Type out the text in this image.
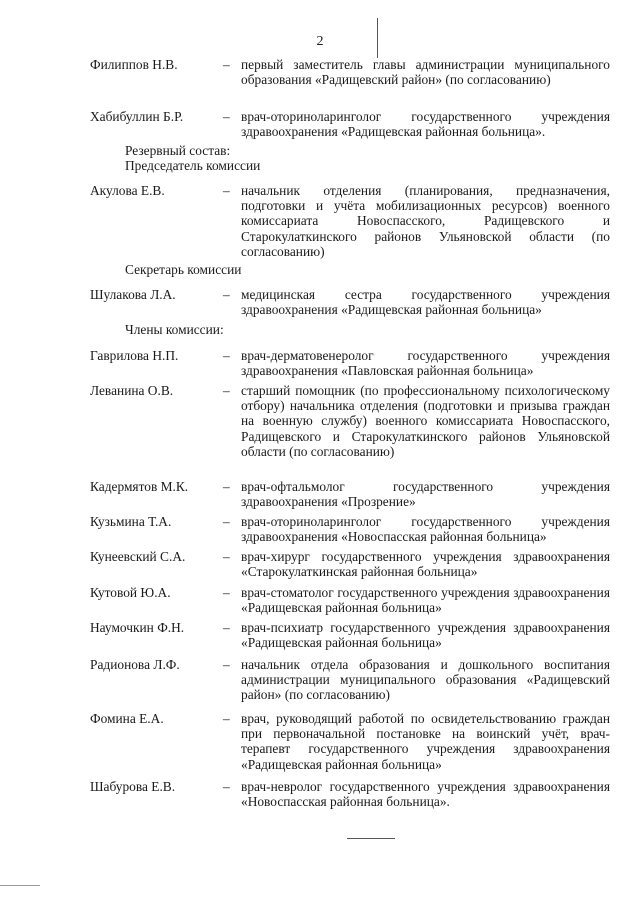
2
Филиппов Н.В.	– первый заместитель главы администрации муниципального образования «Радищевский район» (по согласованию)
Хабибуллин Б.Р.	– врач-оториноларинголог государственного учреждения здравоохранения «Радищевская районная больница».
Резервный состав:
Председатель комиссии
Акулова Е.В.	– начальник отделения (планирования, предназначения, подготовки и учёта мобилизационных ресурсов) военного комиссариата Новоспасского, Радищевского и Старокулаткинского районов Ульяновской области (по согласованию)
Секретарь комиссии
Шулакова Л.А.	– медицинская сестра государственного учреждения здравоохранения «Радищевская районная больница»
Члены комиссии:
Гаврилова Н.П.	– врач-дерматовенеролог государственного учреждения здравоохранения «Павловская районная больница»
Леванина О.В.	– старший помощник (по профессиональному психологическому отбору) начальника отделения (подготовки и призыва граждан на военную службу) военного комиссариата Новоспасского, Радищевского и Старокулаткинского районов Ульяновской области (по согласованию)
Кадермятов М.К.	– врач-офтальмолог государственного учреждения здравоохранения «Прозрение»
Кузьмина Т.А.	– врач-оториноларинголог государственного учреждения здравоохранения «Новоспасская районная больница»
Кунеевский С.А.	– врач-хирург государственного учреждения здравоохранения «Старокулаткинская районная больница»
Кутовой Ю.А.	– врач-стоматолог государственного учреждения здравоохранения «Радищевская районная больница»
Наумочкин Ф.Н.	– врач-психиатр государственного учреждения здравоохранения «Радищевская районная больница»
Радионова Л.Ф.	– начальник отдела образования и дошкольного воспитания администрации муниципального образования «Радищевский район» (по согласованию)
Фомина Е.А.	– врач, руководящий работой по освидетельствованию граждан при первоначальной постановке на воинский учёт, врач-терапевт государственного учреждения здравоохранения «Радищевская районная больница»
Шабурова Е.В.	– врач-невролог государственного учреждения здравоохранения «Новоспасская районная больница».
